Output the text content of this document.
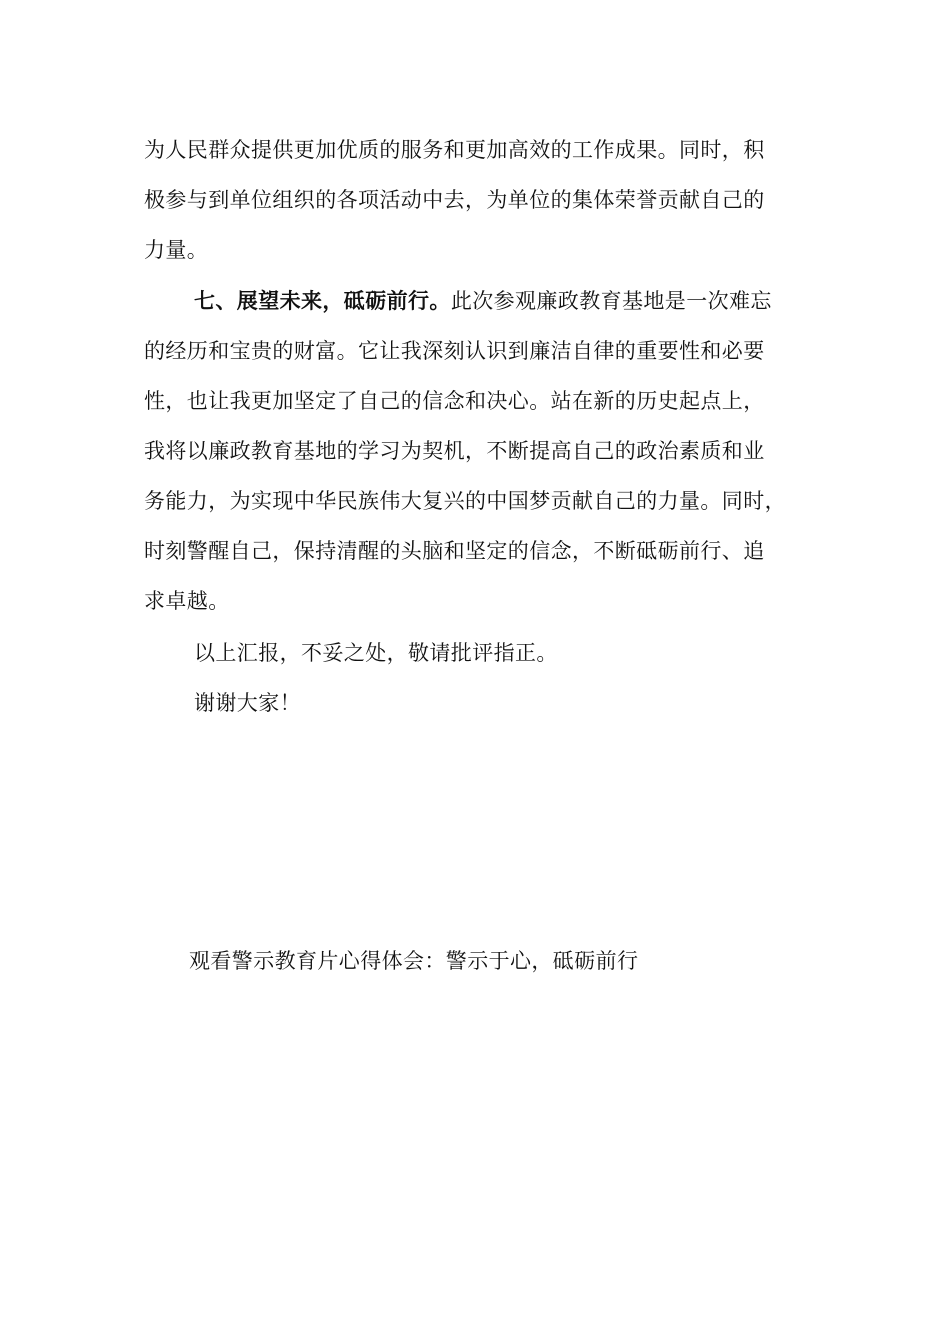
为人民群众提供更加优质的服务和更加高效的工作成果。同时，积
极参与到单位组织的各项活动中去，为单位的集体荣誉贡献自己的
力量。
七、展望未来，砥砺前行。此次参观廉政教育基地是一次难忘
的经历和宝贵的财富。它让我深刻认识到廉洁自律的重要性和必要
性，也让我更加坚定了自己的信念和决心。站在新的历史起点上，
我将以廉政教育基地的学习为契机，不断提高自己的政治素质和业
务能力，为实现中华民族伟大复兴的中国梦贡献自己的力量。同时，
时刻警醒自己，保持清醒的头脑和坚定的信念，不断砥砺前行、追
求卓越。
以上汇报，不妥之处，敬请批评指正。
谢谢大家！
观看警示教育片心得体会：警示于心，砥砺前行
